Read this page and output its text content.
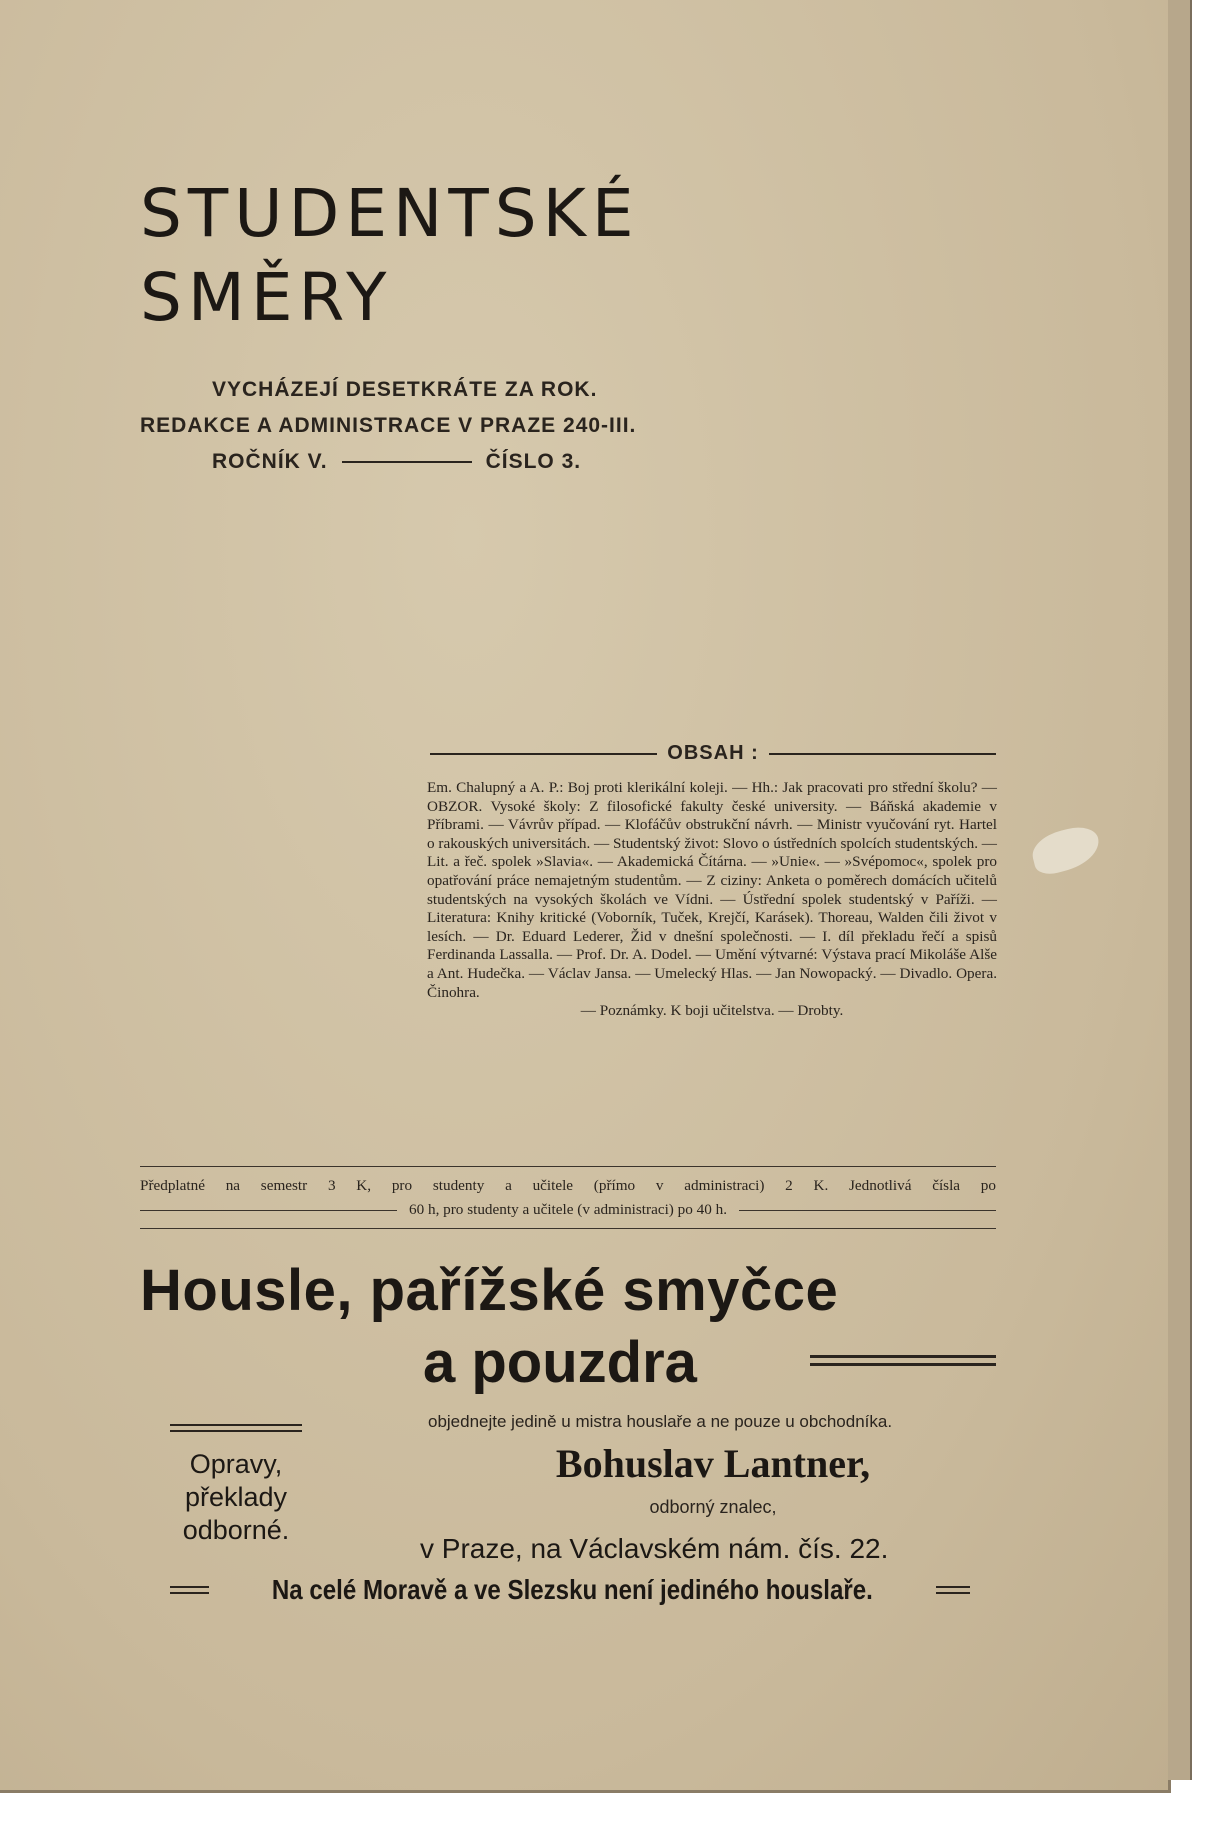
STUDENTSKÉ
SMĚRY
VYCHÁZEJÍ DESETKRÁTE ZA ROK.
REDAKCE A ADMINISTRACE V PRAZE 240-III.
ROČNÍK V.	ČÍSLO 3.
OBSAH :

Em. Chalupný a A. P.: Boj proti klerikální koleji. — Hh.: Jak pracovati pro střední školu? — OBZOR. Vysoké školy: Z filosofické fakulty české university. — Báňská akademie v Příbrami. — Vávrův případ. — Klofáčův obstrukční návrh. — Ministr vyučování ryt. Hartel o rakouských universitách. — Studentský život: Slovo o ústředních spolcích studentských. — Lit. a řeč. spolek »Slavia«. — Akademická Čítárna. — »Unie«. — »Svépomoc«, spolek pro opatřování práce nemajetným studentům. — Z ciziny: Anketa o poměrech domácích učitelů studentských na vysokých školách ve Vídni. — Ústřední spolek studentský v Paříži. — Literatura: Knihy kritické (Voborník, Tuček, Krejčí, Karásek). Thoreau, Walden čili život v lesích. — Dr. Eduard Lederer, Žid v dnešní společnosti. — I. díl překladu řečí a spisů Ferdinanda Lassalla. — Prof. Dr. A. Dodel. — Umění výtvarné: Výstava prací Mikoláše Alše a Ant. Hudečka. — Václav Jansa. — Umelecký Hlas. — Jan Nowopacký. — Divadlo. Opera. Činohra.

— Poznámky. K boji učitelstva. — Drobty.

Předplatné na semestr 3 K, pro studenty a učitele (přímo v administraci) 2 K. Jednotlivá čísla po
60 h, pro studenty a učitele (v administraci) po 40 h.
Housle, pařížské smyčce
a pouzdra
objednejte jedině u mistra houslaře a ne pouze u obchodníka.
Bohuslav Lantner,
odborný znalec,
v Praze, na Václavském nám. čís. 22.
Opravy,
překlady
odborné.
Na celé Moravě a ve Slezsku není jediného houslaře.
